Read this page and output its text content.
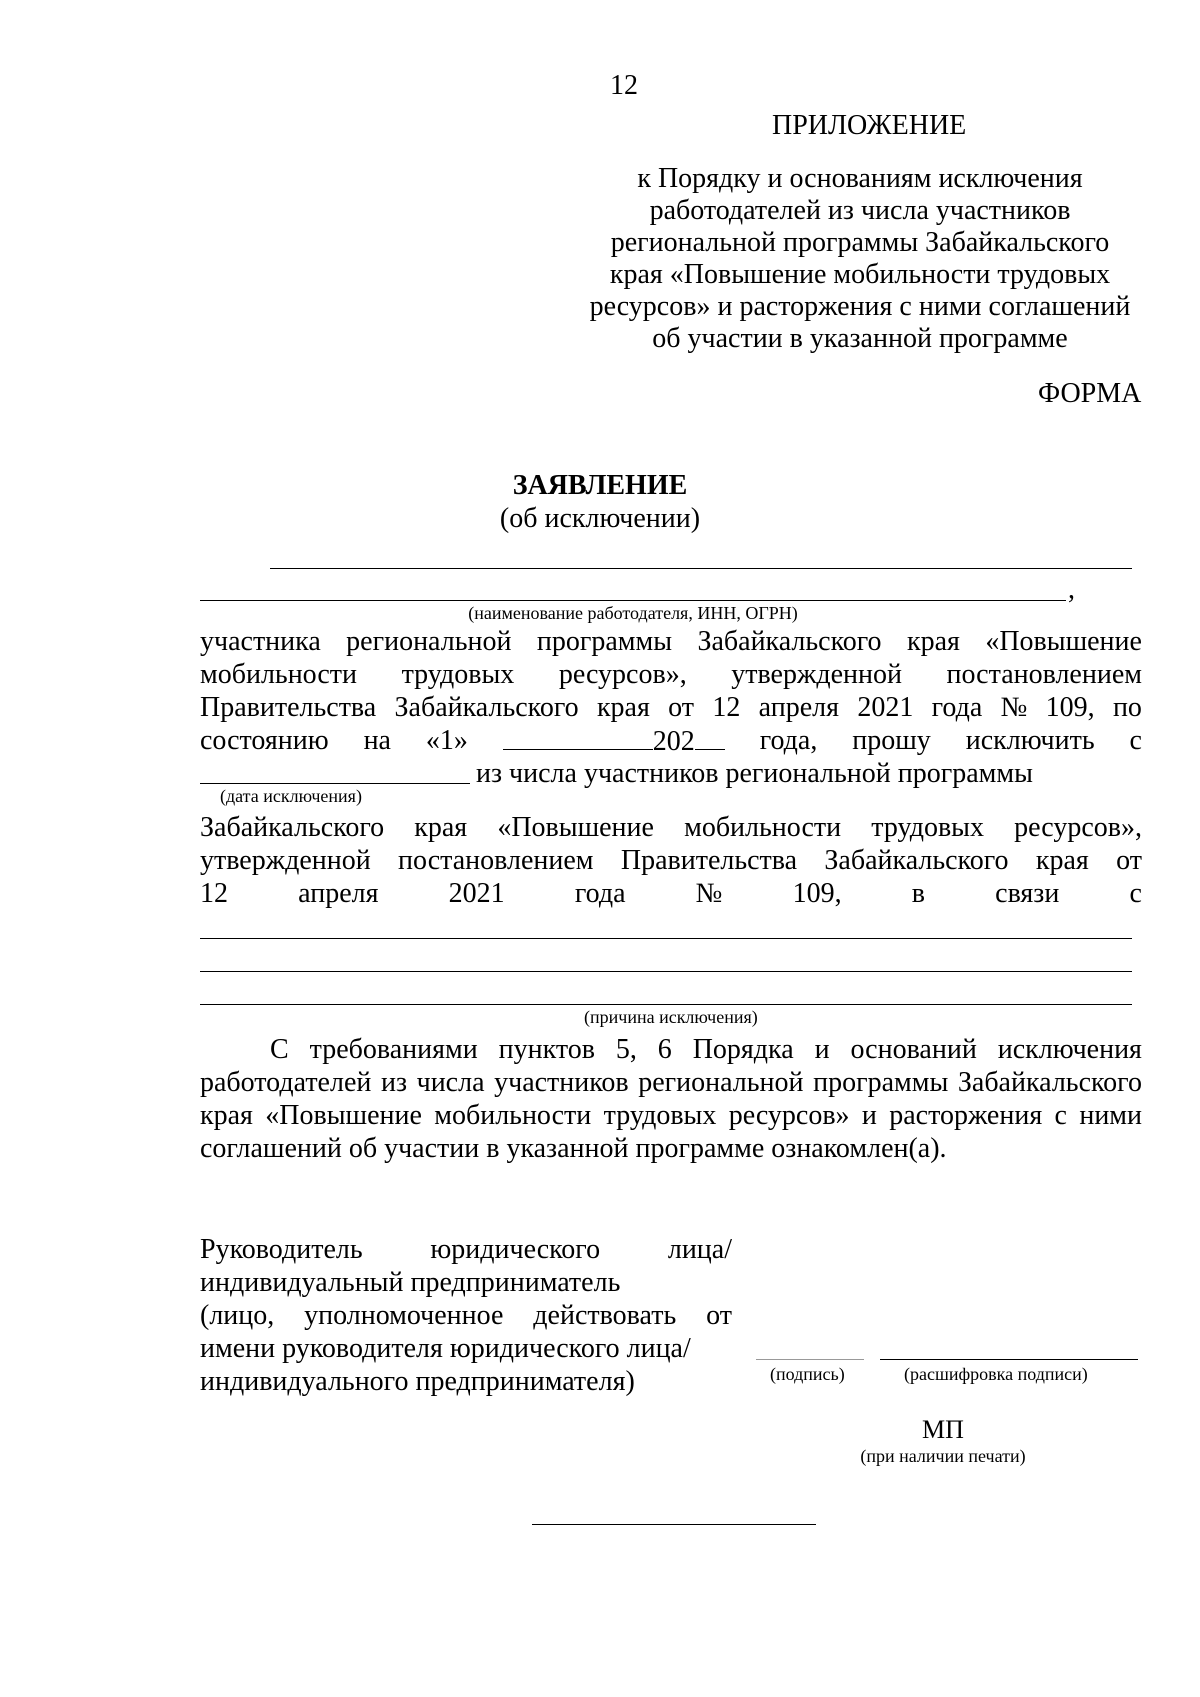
12
ПРИЛОЖЕНИЕ
к Порядку и основаниям исключения
работодателей из числа участников
региональной программы Забайкальского
края «Повышение мобильности трудовых
ресурсов» и расторжения с ними соглашений
об участии в указанной программе
ФОРМА
ЗАЯВЛЕНИЕ
(об исключении)
,
(наименование работодателя, ИНН, ОГРН)
участника региональной программы Забайкальского края «Повышение
мобильности трудовых ресурсов», утвержденной постановлением
Правительства Забайкальского края от 12 апреля 2021 года № 109, по
состоянию на «1»	202	года, прошу исключить с
из числа участников региональной программы
(дата исключения)
Забайкальского края «Повышение мобильности трудовых ресурсов»,
утвержденной постановлением Правительства Забайкальского края от
12	апреля	2021	года	№	109,	в	связи	с
(причина исключения)
С требованиями пунктов 5, 6 Порядка и оснований исключения
работодателей из числа участников региональной программы Забайкальского
края «Повышение мобильности трудовых ресурсов» и расторжения с ними
соглашений об участии в указанной программе ознакомлен(а).
Руководитель юридического лица/
индивидуальный предприниматель
(лицо, уполномоченное действовать от
имени руководителя юридического лица/
индивидуального предпринимателя)	(подпись)	(расшифровка подписи)
МП
(при наличии печати)
